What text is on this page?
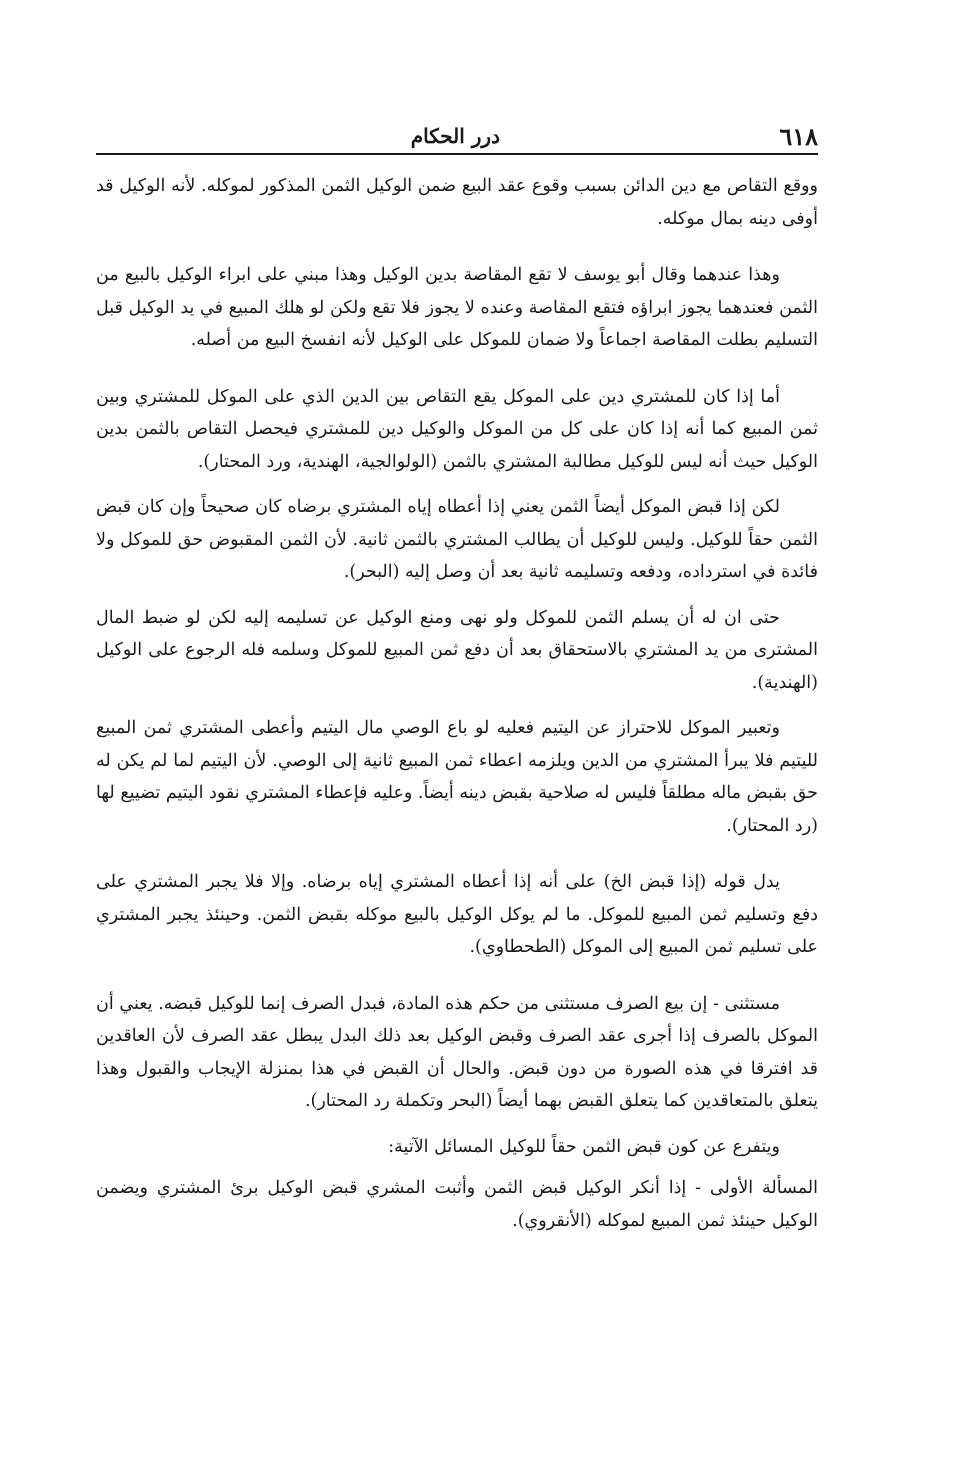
٦١٨
درر الحكام

ووقع التقاص مع دين الدائن بسبب وقوع عقد البيع ضمن الوكيل الثمن المذكور لموكله. لأنه الوكيل قد أوفى دينه بمال موكله.

وهذا عندهما وقال أبو يوسف لا تقع المقاصة بدين الوكيل وهذا مبني على ابراء الوكيل بالبيع من الثمن فعندهما يجوز ابراؤه فتقع المقاصة وعنده لا يجوز فلا تقع ولكن لو هلك المبيع في يد الوكيل قبل التسليم بطلت المقاصة اجماعاً ولا ضمان للموكل على الوكيل لأنه انفسخ البيع من أصله.

أما إذا كان للمشتري دين على الموكل يقع التقاص بين الدين الذي على الموكل للمشتري وبين ثمن المبيع كما أنه إذا كان على كل من الموكل والوكيل دين للمشتري فيحصل التقاص بالثمن بدين الوكيل حيث أنه ليس للوكيل مطالبة المشتري بالثمن (الولوالجية، الهندية، ورد المحتار).

لكن إذا قبض الموكل أيضاً الثمن يعني إذا أعطاه إياه المشتري برضاه كان صحيحاً وإن كان قبض الثمن حقاً للوكيل. وليس للوكيل أن يطالب المشتري بالثمن ثانية. لأن الثمن المقبوض حق للموكل ولا فائدة في استرداده، ودفعه وتسليمه ثانية بعد أن وصل إليه (البحر).

حتى ان له أن يسلم الثمن للموكل ولو نهى ومنع الوكيل عن تسليمه إليه لكن لو ضبط المال المشترى من يد المشتري بالاستحقاق بعد أن دفع ثمن المبيع للموكل وسلمه فله الرجوع على الوكيل (الهندية).

وتعبير الموكل للاحتراز عن اليتيم فعليه لو باع الوصي مال اليتيم وأعطى المشتري ثمن المبيع لليتيم فلا يبرأ المشتري من الدين ويلزمه اعطاء ثمن المبيع ثانية إلى الوصي. لأن اليتيم لما لم يكن له حق بقبض ماله مطلقاً فليس له صلاحية بقبض دينه أيضاً. وعليه فإعطاء المشتري نقود اليتيم تضييع لها (رد المحتار).

يدل قوله (إذا قبض الخ) على أنه إذا أعطاه المشتري إياه برضاه. وإلا فلا يجبر المشتري على دفع وتسليم ثمن المبيع للموكل. ما لم يوكل الوكيل بالبيع موكله بقبض الثمن. وحينئذ يجبر المشتري على تسليم ثمن المبيع إلى الموكل (الطحطاوي).

مستثنى - إن بيع الصرف مستثنى من حكم هذه المادة، فبدل الصرف إنما للوكيل قبضه. يعني أن الموكل بالصرف إذا أجرى عقد الصرف وقبض الوكيل بعد ذلك البدل يبطل عقد الصرف لأن العاقدين قد افترقا في هذه الصورة من دون قبض. والحال أن القبض في هذا بمنزلة الإيجاب والقبول وهذا يتعلق بالمتعاقدين كما يتعلق القبض بهما أيضاً (البحر وتكملة رد المحتار).

ويتفرع عن كون قبض الثمن حقاً للوكيل المسائل الآتية:

المسألة الأولى - إذا أنكر الوكيل قبض الثمن وأثبت المشري قبض الوكيل برئ المشتري ويضمن الوكيل حينئذ ثمن المبيع لموكله (الأنقروي).
